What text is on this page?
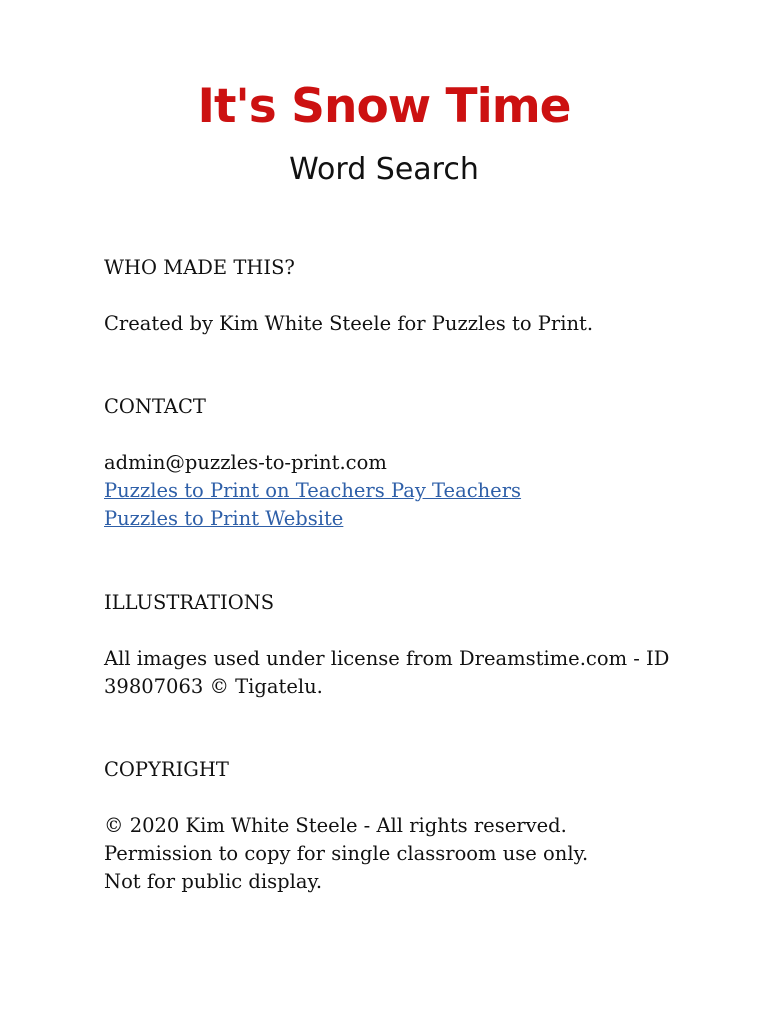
It's Snow Time
Word Search

WHO MADE THIS?

Created by Kim White Steele for Puzzles to Print.

CONTACT

admin@puzzles-to-print.com
Puzzles to Print on Teachers Pay Teachers
Puzzles to Print Website

ILLUSTRATIONS

All images used under license from Dreamstime.com - ID
39807063 © Tigatelu.

COPYRIGHT

© 2020 Kim White Steele - All rights reserved.
Permission to copy for single classroom use only.
Not for public display.
